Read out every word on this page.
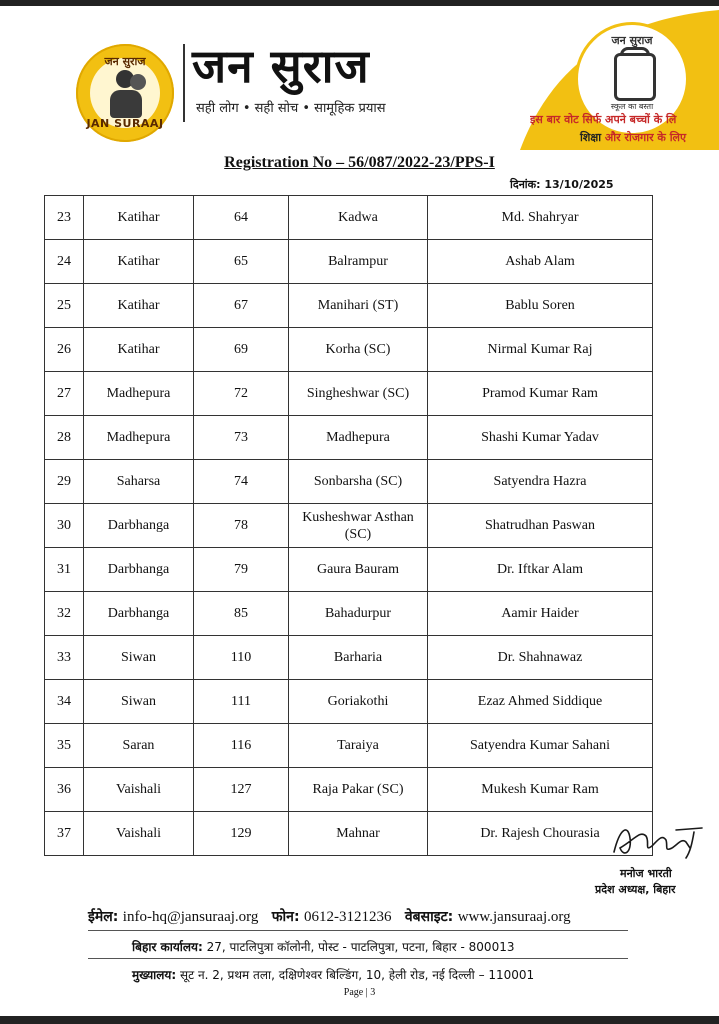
जन सुराज
JAN SURAAJ
जन सुराज
सही लोग • सही सोच • सामूहिक प्रयास
जन सुराज
स्कूल का बस्ता
इस बार वोट सिर्फ अपने बच्चों के लि
शिक्षा और रोजगार के लिए
Registration No – 56/087/2022-23/PPS-I
दिनांक: 13/10/2025
23	Katihar	64	Kadwa	Md. Shahryar
24	Katihar	65	Balrampur	Ashab Alam
25	Katihar	67	Manihari (ST)	Bablu Soren
26	Katihar	69	Korha (SC)	Nirmal Kumar Raj
27	Madhepura	72	Singheshwar (SC)	Pramod Kumar Ram
28	Madhepura	73	Madhepura	Shashi Kumar Yadav
29	Saharsa	74	Sonbarsha (SC)	Satyendra Hazra
30	Darbhanga	78	Kusheshwar Asthan (SC)	Shatrudhan Paswan
31	Darbhanga	79	Gaura Bauram	Dr. Iftkar Alam
32	Darbhanga	85	Bahadurpur	Aamir Haider
33	Siwan	110	Barharia	Dr. Shahnawaz
34	Siwan	111	Goriakothi	Ezaz Ahmed Siddique
35	Saran	116	Taraiya	Satyendra Kumar Sahani
36	Vaishali	127	Raja Pakar (SC)	Mukesh Kumar Ram
37	Vaishali	129	Mahnar	Dr. Rajesh Chourasia
मनोज भारती
प्रदेश अध्यक्ष, बिहार
ईमेल: info-hq@jansuraaj.org फोन: 0612-3121236 वेबसाइट: www.jansuraaj.org
बिहार कार्यालय: 27, पाटलिपुत्रा कॉलोनी, पोस्ट - पाटलिपुत्रा, पटना, बिहार - 800013
मुख्यालय: सूट न. 2, प्रथम तला, दक्षिणेश्वर बिल्डिंग, 10, हेली रोड, नई दिल्ली – 110001
Page | 3
